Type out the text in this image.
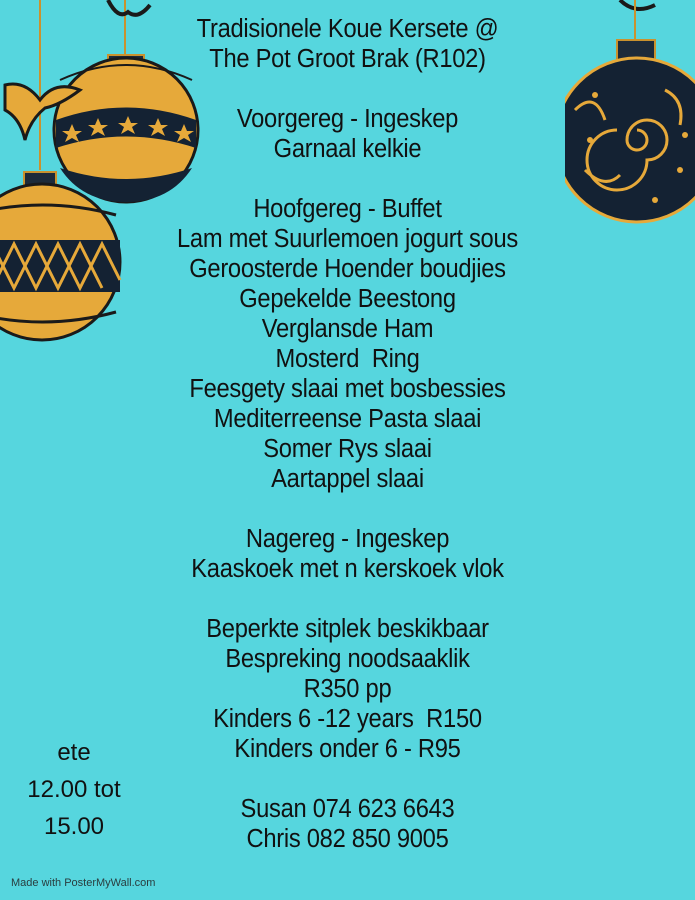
Tradisionele Koue Kersete @
The Pot Groot Brak (R102)
Voorgereg - Ingeskep
Garnaal kelkie
Hoofgereg - Buffet
Lam met Suurlemoen jogurt sous
Geroosterde Hoender boudjies
Gepekelde Beestong
Verglansde Ham
Mosterd  Ring
Feesgety slaai met bosbessies
Mediterreense Pasta slaai
Somer Rys slaai
Aartappel slaai
Nagereg - Ingeskep
Kaaskoek met n kerskoek vlok
Beperkte sitplek beskikbaar
Bespreking noodsaaklik
R350 pp
Kinders 6 -12 years  R150
Kinders onder 6 - R95
Susan 074 623 6643
Chris 082 850 9005
ete
12.00 tot
15.00
Made with PosterMyWall.com
